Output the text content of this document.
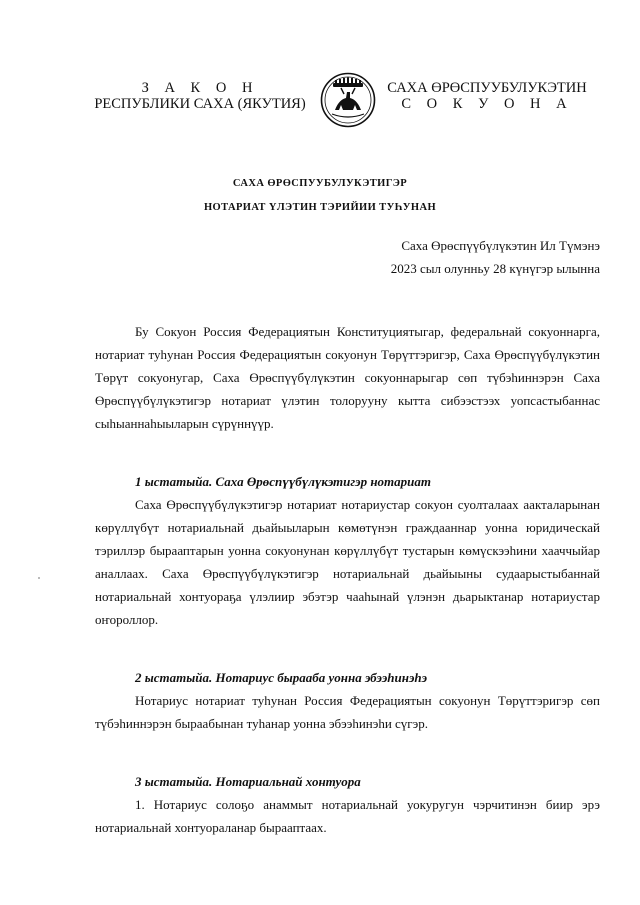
З А К О Н
РЕСПУБЛИКИ САХА (ЯКУТИЯ)
САХА ӨРӨСПУУБУЛУКЭТИН
С О К У О Н А
САХА ӨРӨСПУУБУЛУКЭТИГЭР
НОТАРИАТ ҮЛЭТИН ТЭРИЙИИ ТУҺУНАН
Саха Өрөспүүбүлүкэтин Ил Түмэнэ
2023 сыл олунньу 28 күнүгэр ылынна

Бу Сокуон Россия Федерациятын Конституциятыгар, федеральнай сокуоннарга, нотариат туһунан Россия Федерациятын сокуонун Төрүттэригэр, Саха Өрөспүүбүлүкэтин Төрүт сокуонугар, Саха Өрөспүүбүлүкэтин сокуоннарыгар сөп түбэһиннэрэн Саха Өрөспүүбүлүкэтигэр нотариат үлэтин толорууну кытта сибээстээх уопсастыбаннас сыһыаннаһыыларын сүрүннүүр.

1 ыстатыйа. Саха Өрөспүүбүлүкэтигэр нотариат

Саха Өрөспүүбүлүкэтигэр нотариат нотариустар сокуон суолталаах аакталарынан көрүллүбүт нотариальнай дьайыыларын көмөтүнэн граждааннар уонна юридическай тэриллэр бырааптарын уонна сокуонунан көрүллүбүт тустарын көмүскээһини хааччыйар аналлаах. Саха Өрөспүүбүлүкэтигэр нотариальнай дьайыыны судаарыстыбаннай нотариальнай хонтуораҕа үлэлиир эбэтэр чааһынай үлэнэн дьарыктанар нотариустар оҥороллор.

2 ыстатыйа. Нотариус быраабa уонна эбээһинэһэ

Нотариус нотариат туһунан Россия Федерациятын сокуонун Төрүттэригэр сөп түбэһиннэрэн быраабынан туһанар уонна эбээһинэһи сүгэр.

3 ыстатыйа. Нотариальнай хонтуора

1. Нотариус солоҕо анаммыт нотариальнай уокуругун чэрчитинэн биир эрэ нотариальнай хонтуораланар бырааптаах.
